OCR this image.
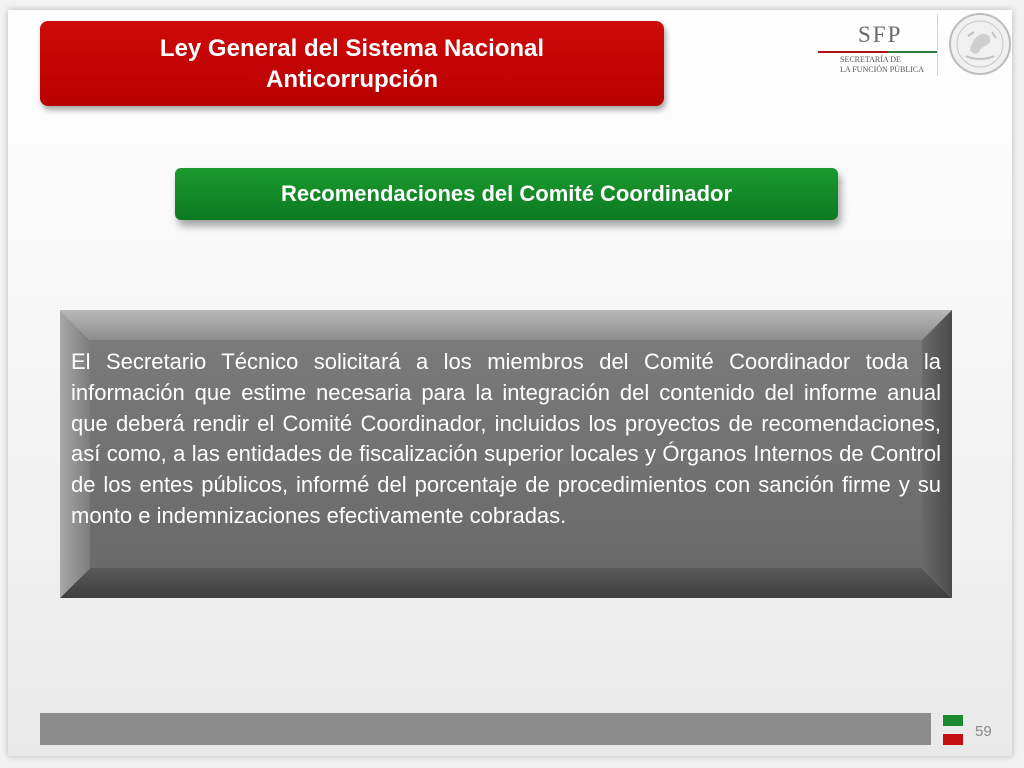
Ley General del Sistema Nacional
Anticorrupción
SFP
SECRETARÍA DE
LA FUNCIÓN PÚBLICA
Recomendaciones del Comité Coordinador
El Secretario Técnico solicitará a los miembros del Comité Coordinador toda la información que estime necesaria para la integración del contenido del informe anual que deberá rendir el Comité Coordinador, incluidos los proyectos de recomendaciones, así como, a las entidades de fiscalización superior locales y Órganos Internos de Control de los entes públicos, informé del porcentaje de procedimientos con sanción firme y su monto e indemnizaciones efectivamente cobradas.
59
